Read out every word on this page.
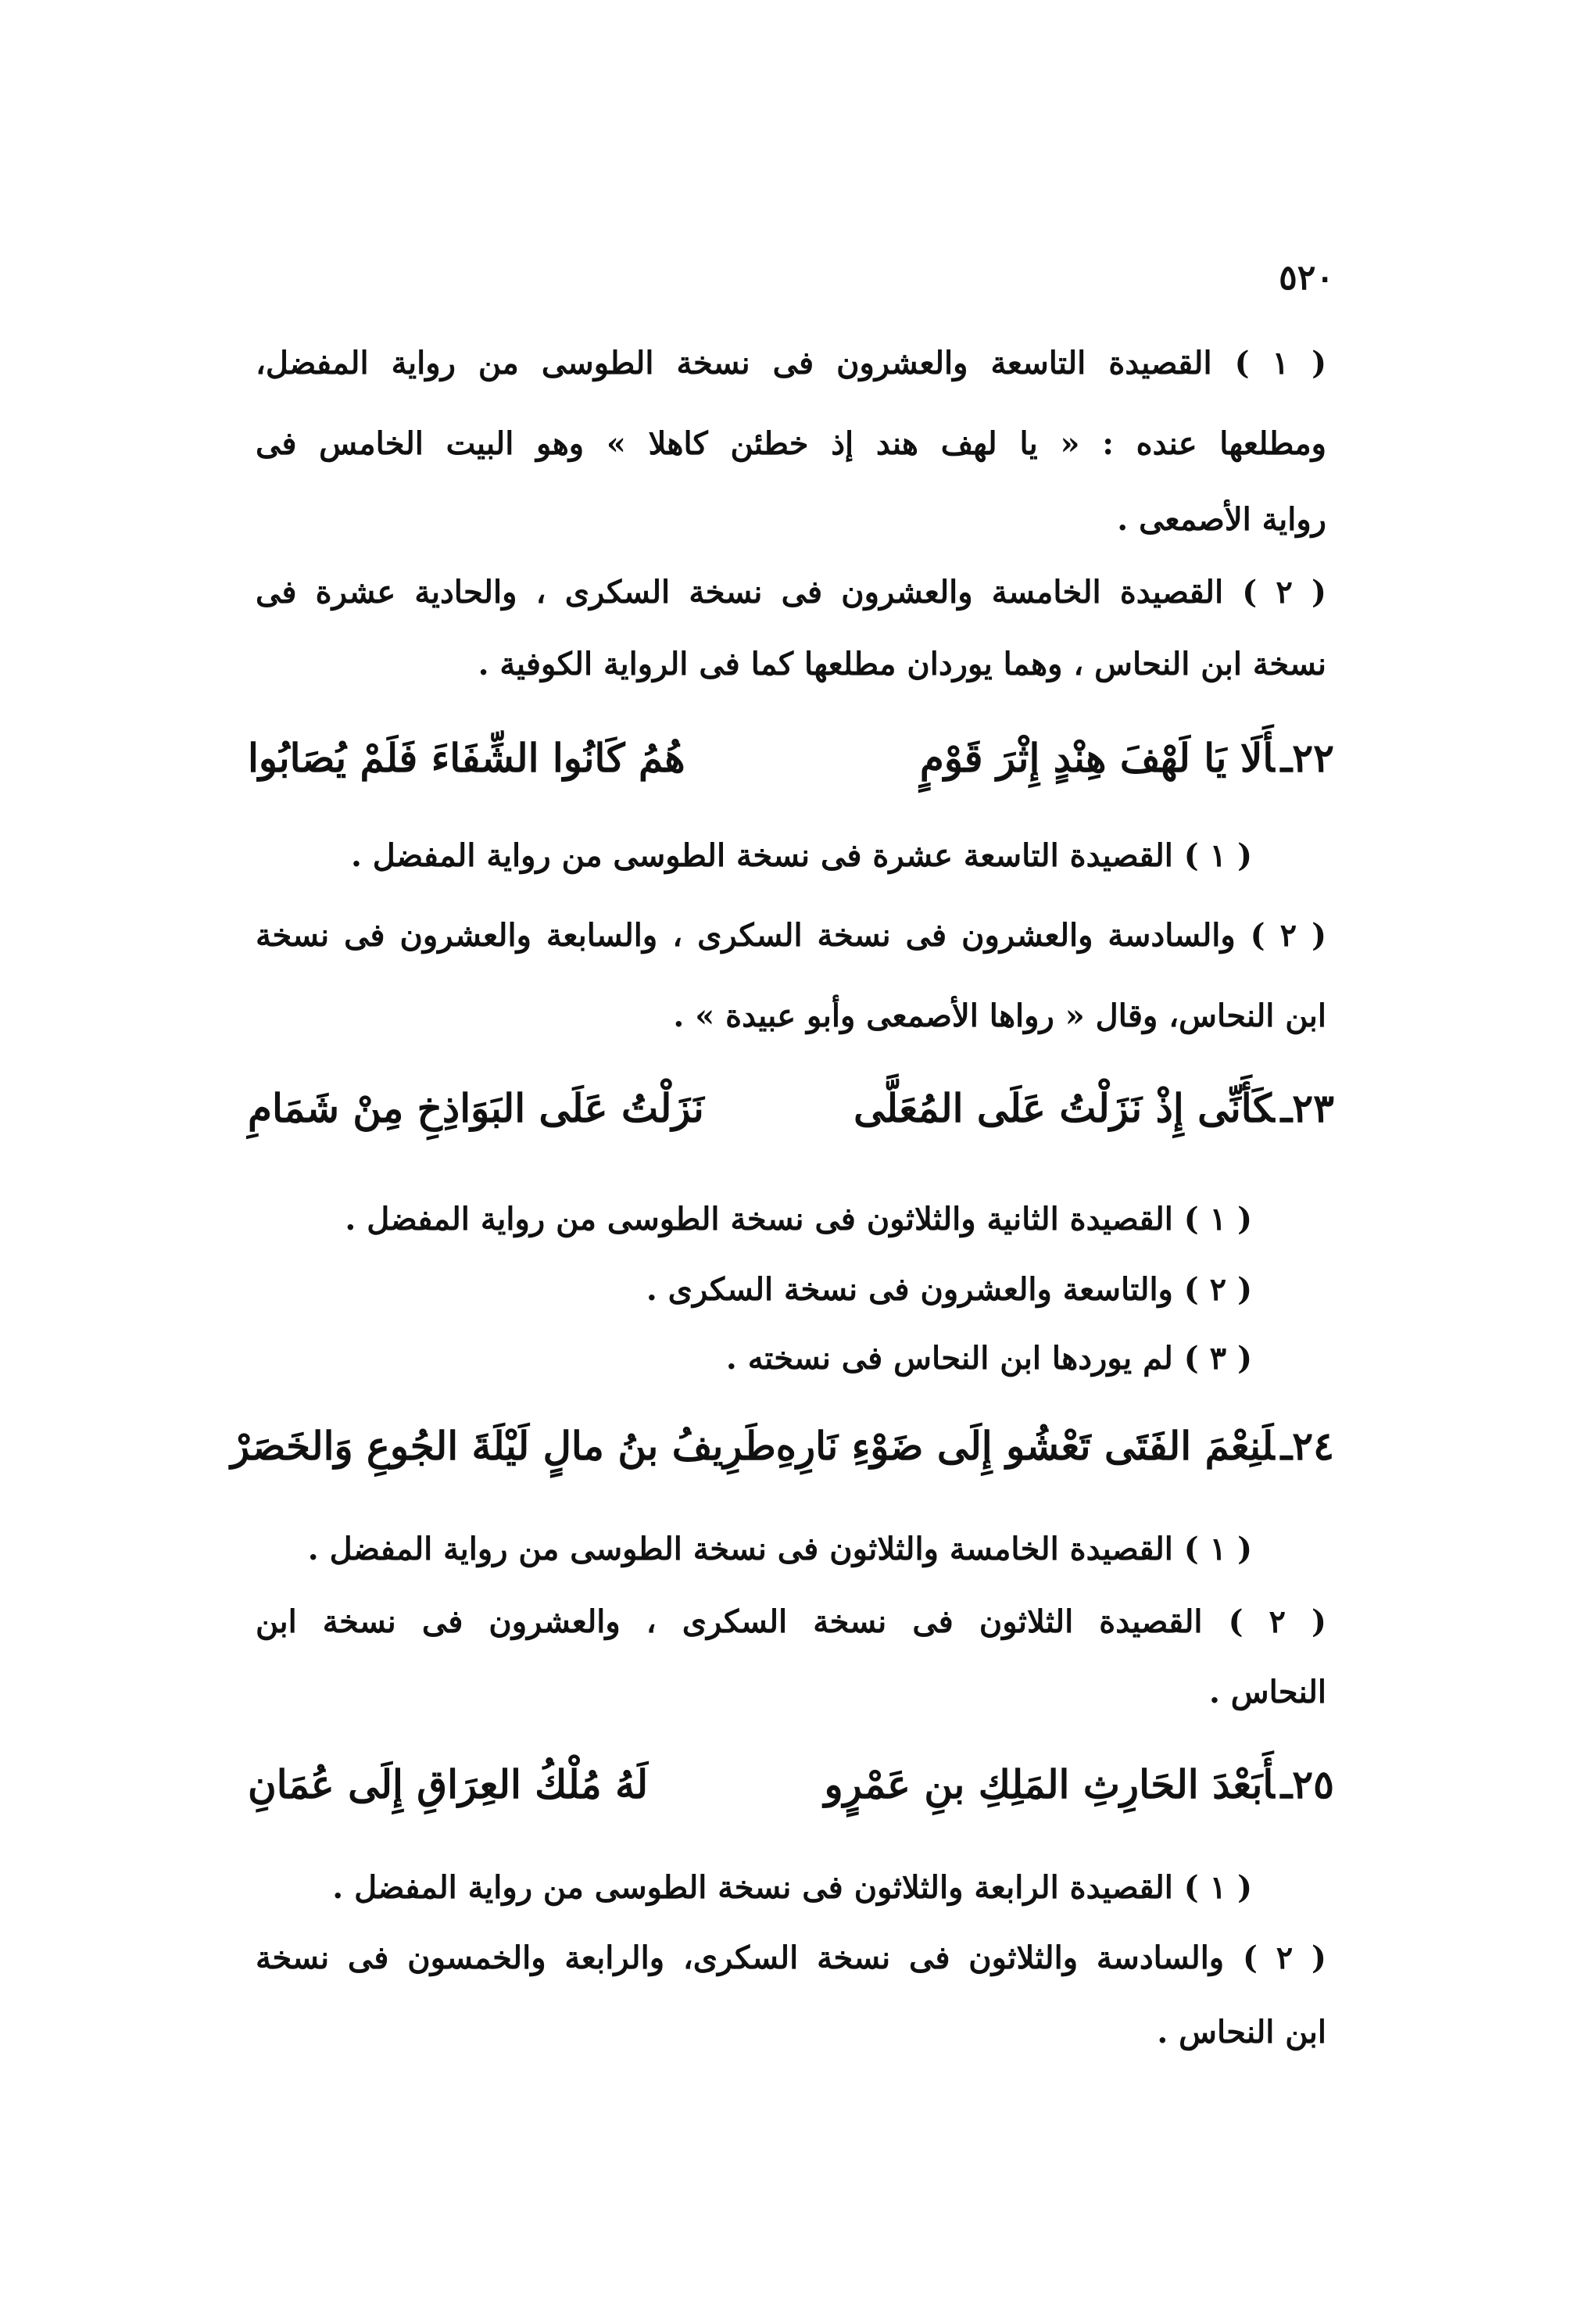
٥٢٠
( ١ ) القصيدة التاسعة والعشرون فى نسخة الطوسى من رواية المفضل،
ومطلعها عنده : « يا لهف هند إذ خطئن كاهلا » وهو البيت الخامس فى
رواية الأصمعى .
( ٢ ) القصيدة الخامسة والعشرون فى نسخة السكرى ، والحادية عشرة فى
نسخة ابن النحاس ، وهما يوردان مطلعها كما فى الرواية الكوفية .
٢٢ـأَلَا يَا لَهْفَ هِنْدٍ إِثْرَ قَوْمٍ
هُمُ كَانُوا الشِّفَاءَ فَلَمْ يُصَابُوا
( ١ ) القصيدة التاسعة عشرة فى نسخة الطوسى من رواية المفضل .
( ٢ ) والسادسة والعشرون فى نسخة السكرى ، والسابعة والعشرون فى نسخة
ابن النحاس، وقال « رواها الأصمعى وأبو عبيدة » .
٢٣ـكَأَنِّى إِذْ نَزَلْتُ عَلَى المُعَلَّى
نَزَلْتُ عَلَى البَوَاذِخِ مِنْ شَمَامِ
( ١ ) القصيدة الثانية والثلاثون فى نسخة الطوسى من رواية المفضل .
( ٢ ) والتاسعة والعشرون فى نسخة السكرى .
( ٣ ) لم يوردها ابن النحاس فى نسخته .
٢٤ـلَنِعْمَ الفَتَى تَعْشُو إِلَى ضَوْءِ نَارِهِ
طَرِيفُ بنُ مالٍ لَيْلَةَ الجُوعِ وَالخَصَرْ
( ١ ) القصيدة الخامسة والثلاثون فى نسخة الطوسى من رواية المفضل .
( ٢ ) القصيدة الثلاثون فى نسخة السكرى ، والعشرون فى نسخة ابن
النحاس .
٢٥ـأَبَعْدَ الحَارِثِ المَلِكِ بنِ عَمْرٍو
لَهُ مُلْكُ العِرَاقِ إِلَى عُمَانِ
( ١ ) القصيدة الرابعة والثلاثون فى نسخة الطوسى من رواية المفضل .
( ٢ ) والسادسة والثلاثون فى نسخة السكرى، والرابعة والخمسون فى نسخة
ابن النحاس .
